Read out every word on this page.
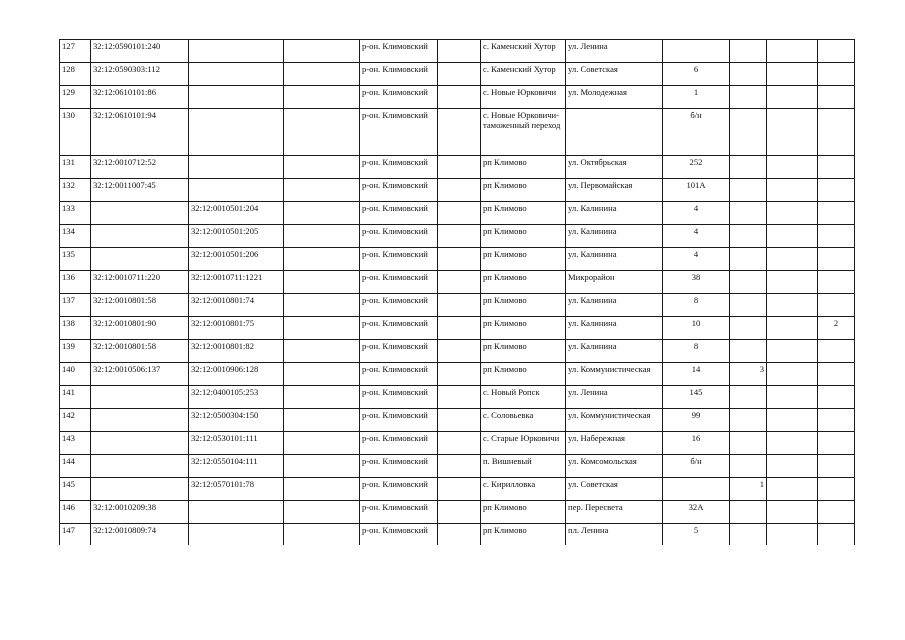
127	32:12:0590101:240			р-он. Климовский		с. Каменский Хутор	ул. Ленина				
128	32:12:0590303:112			р-он. Климовский		с. Каменский Хутор	ул. Советская	6			
129	32:12:0610101:86			р-он. Климовский		с. Новые Юрковичи	ул. Молодежная	1			
130	32:12:0610101:94			р-он. Климовский		с. Новые Юрковичи-таможенный переход		б/н			
131	32:12:0010712:52			р-он. Климовский		рп Климово	ул. Октябрьская	252			
132	32:12:0011007:45			р-он. Климовский		рп Климово	ул. Первомайская	101А			
133		32:12:0010501:204		р-он. Климовский		рп Климово	ул. Калинина	4			
134		32:12:0010501:205		р-он. Климовский		рп Климово	ул. Калинина	4			
135		32:12:0010501:206		р-он. Климовский		рп Климово	ул. Калинина	4			
136	32:12:0010711:220	32:12:0010711:1221		р-он. Климовский		рп Климово	Микрорайон	38			
137	32:12:0010801:58	32:12:0010801:74		р-он. Климовский		рп Климово	ул. Калинина	8			
138	32:12:0010801:90	32:12:0010801:75		р-он. Климовский		рп Климово	ул. Калинина	10			2
139	32:12:0010801:58	32:12:0010801:82		р-он. Климовский		рп Климово	ул. Калинина	8			
140	32:12:0010506:137	32:12:0010906:128		р-он. Климовский		рп Климово	ул. Коммунистическая	14	3		
141		32:12:0400105:253		р-он. Климовский		с. Новый Ропск	ул. Ленина	145			
142		32:12:0500304:150		р-он. Климовский		с. Соловьевка	ул. Коммунистическая	99			
143		32:12:0530101:111		р-он. Климовский		с. Старые Юрковичи	ул. Набережная	16			
144		32:12:0550104:111		р-он. Климовский		п. Вишневый	ул. Комсомольская	б/н			
145		32:12:0570101:78		р-он. Климовский		с. Кирилловка	ул. Советская		1		
146	32:12:0010209:38			р-он. Климовский		рп Климово	пер. Пересвета	32А			
147	32:12:0010809:74			р-он. Климовский		рп Климово	пл. Ленина	5			
